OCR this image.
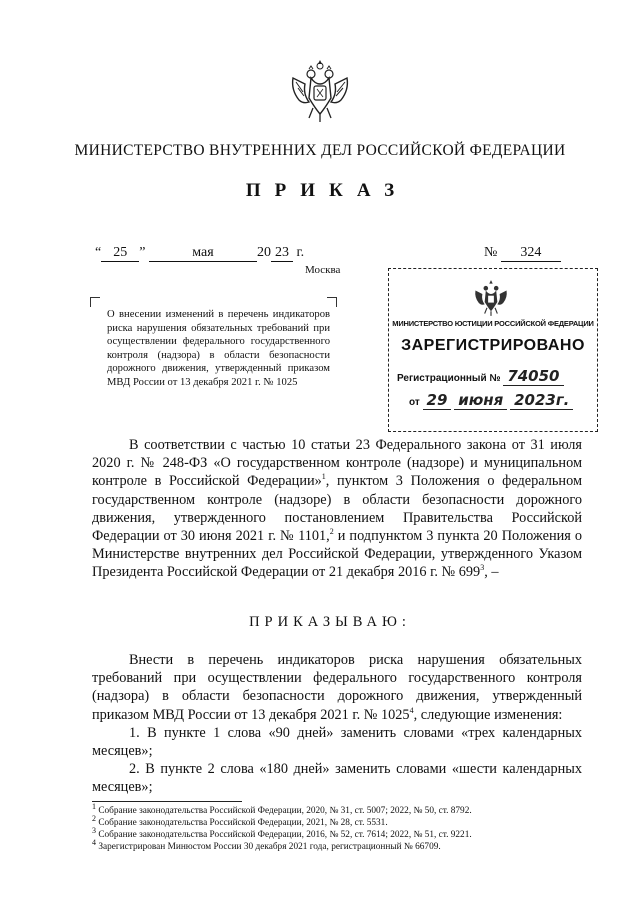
МИНИСТЕРСТВО ВНУТРЕННИХ ДЕЛ РОССИЙСКОЙ ФЕДЕРАЦИИ
ПРИКАЗ
“ 25 ”	мая	20 23 г.	№ 324
Москва
О внесении изменений в перечень индикаторов риска нарушения обязательных требований при осуществлении федерального государственного контроля (надзора) в области безопасности дорожного движения, утвержденный приказом МВД России от 13 декабря 2021 г. № 1025
МИНИСТЕРСТВО ЮСТИЦИИ РОССИЙСКОЙ ФЕДЕРАЦИИ
ЗАРЕГИСТРИРОВАНО
Регистрационный № 74050
от 29 июня 2023г.
В соответствии с частью 10 статьи 23 Федерального закона от 31 июля 2020 г. № 248-ФЗ «О государственном контроле (надзоре) и муниципальном контроле в Российской Федерации»$^1$, пунктом 3 Положения о федеральном государственном контроле (надзоре) в области безопасности дорожного движения, утвержденного постановлением Правительства Российской Федерации от 30 июня 2021 г. № 1101,$^2$ и подпунктом 3 пункта 20 Положения о Министерстве внутренних дел Российской Федерации, утвержденного Указом Президента Российской Федерации от 21 декабря 2016 г. № $699^3$, –
ПРИКАЗЫВАЮ:

Внести в перечень индикаторов риска нарушения обязательных требований при осуществлении федерального государственного контроля (надзора) в области безопасности дорожного движения, утвержденный приказом МВД России от 13 декабря 2021 г. № 1025$^4$, следующие изменения:

1. В пункте 1 слова «90 дней» заменить словами «трех календарных месяцев»;

2. В пункте 2 слова «180 дней» заменить словами «шести календарных месяцев»;

$^1$ Собрание законодательства Российской Федерации, 2020, № 31, ст. 5007; 2022, № 50, ст. 8792.
$^2$ Собрание законодательства Российской Федерации, 2021, № 28, ст. 5531.
$^3$ Собрание законодательства Российской Федерации, 2016, № 52, ст. 7614; 2022, № 51, ст. 9221.
$^4$ Зарегистрирован Минюстом России 30 декабря 2021 года, регистрационный № 66709.
